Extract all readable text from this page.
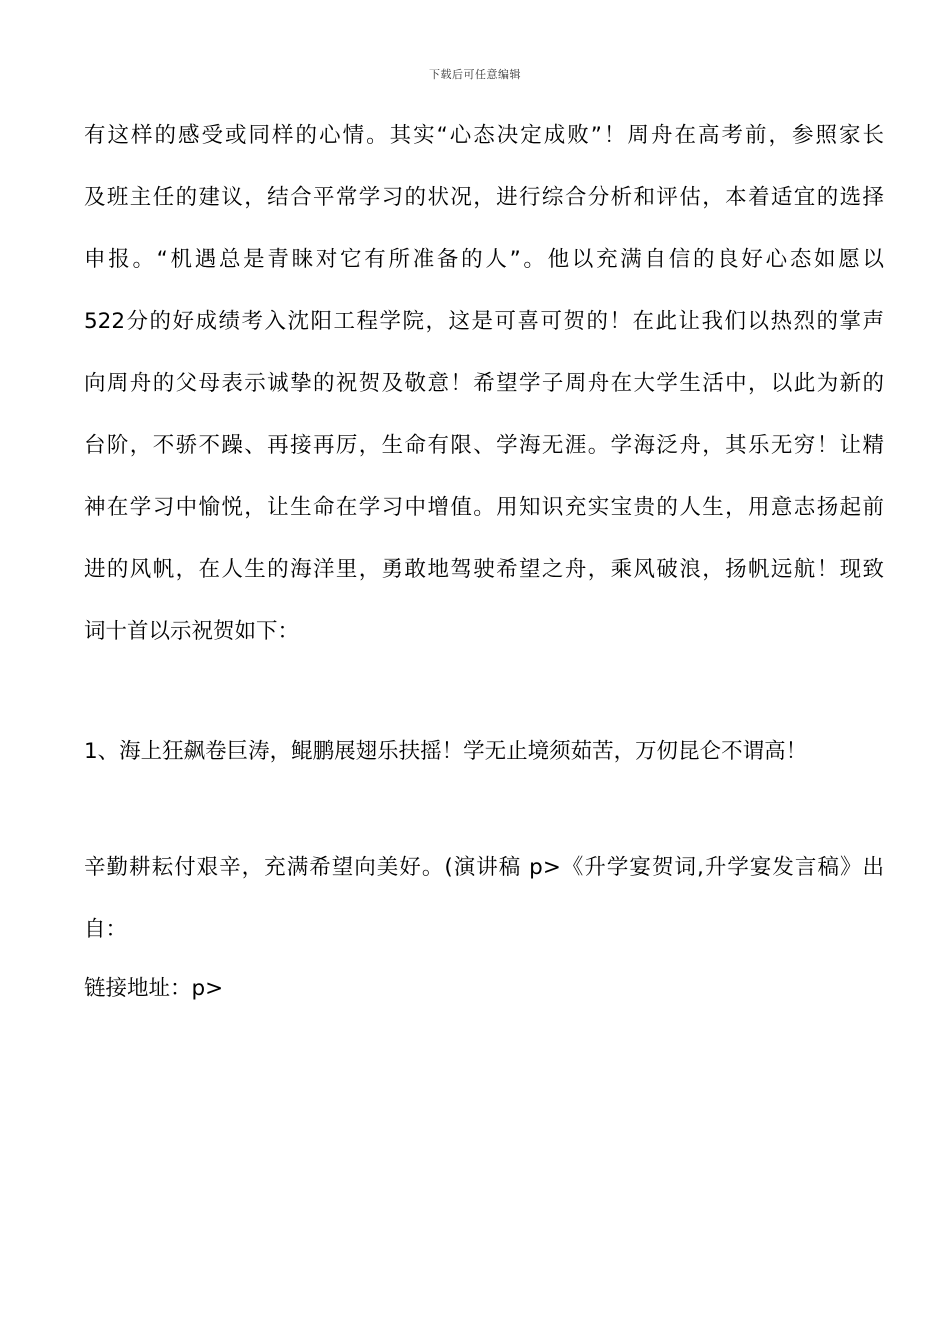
下载后可任意编辑
有这样的感受或同样的心情。其实“心态决定成败”！周舟在高考前，参照家长
及班主任的建议，结合平常学习的状况，进行综合分析和评估，本着适宜的选择
申报。“机遇总是青睐对它有所准备的人”。他以充满自信的良好心态如愿以
522分的好成绩考入沈阳工程学院，这是可喜可贺的！在此让我们以热烈的掌声
向周舟的父母表示诚挚的祝贺及敬意！希望学子周舟在大学生活中，以此为新的
台阶，不骄不躁、再接再厉，生命有限、学海无涯。学海泛舟，其乐无穷！让精
神在学习中愉悦，让生命在学习中增值。用知识充实宝贵的人生，用意志扬起前
进的风帆，在人生的海洋里，勇敢地驾驶希望之舟，乘风破浪，扬帆远航！现致
词十首以示祝贺如下：
1、海上狂飙卷巨涛，鲲鹏展翅乐扶摇！学无止境须茹苦，万仞昆仑不谓高！
辛勤耕耘付艰辛，充满希望向美好。(演讲稿 p>《升学宴贺词,升学宴发言稿》出
自：
链接地址：p>
